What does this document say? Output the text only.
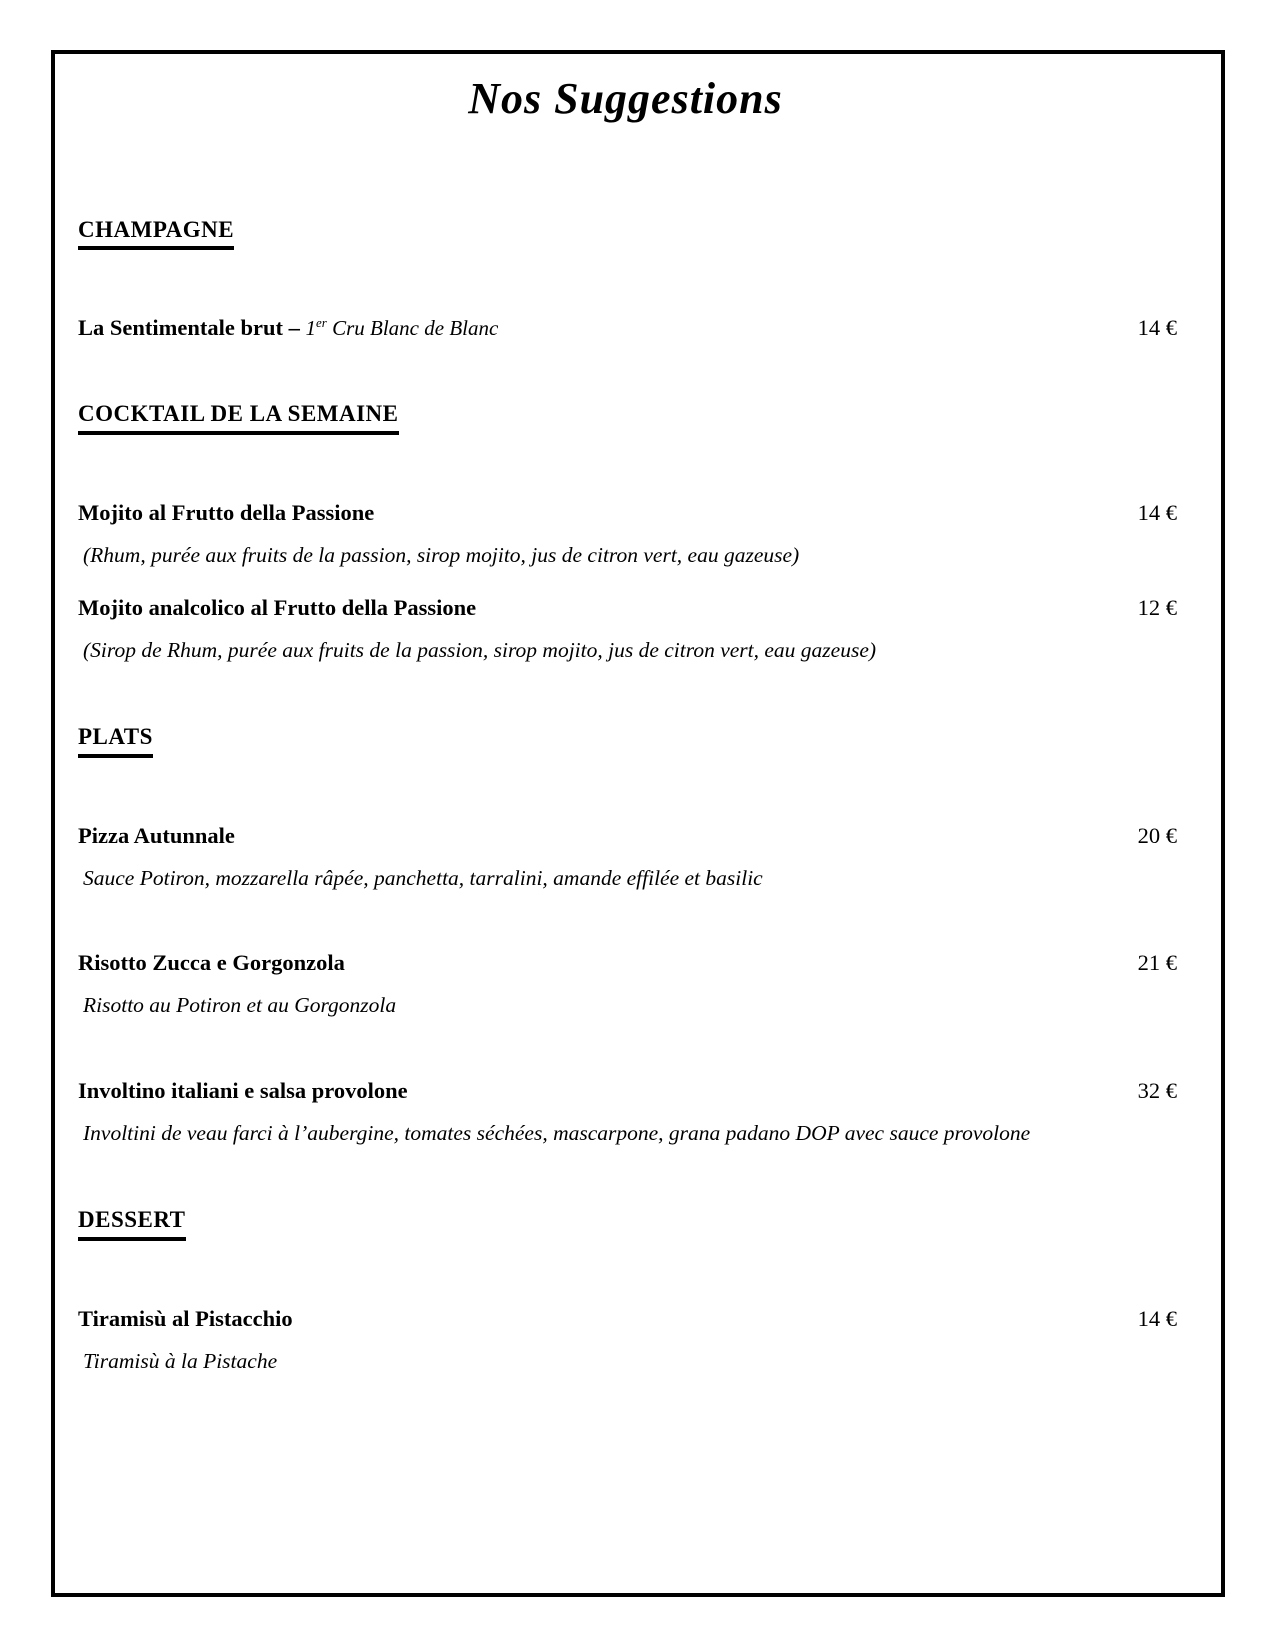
Nos Suggestions
CHAMPAGNE
La Sentimentale brut – 1er Cru Blanc de Blanc	14 €
COCKTAIL DE LA SEMAINE
Mojito al Frutto della Passione	14 €
(Rhum, purée aux fruits de la passion, sirop mojito, jus de citron vert, eau gazeuse)
Mojito analcolico al Frutto della Passione	12 €
(Sirop de Rhum, purée aux fruits de la passion, sirop mojito, jus de citron vert, eau gazeuse)
PLATS
Pizza Autunnale	20 €
Sauce Potiron, mozzarella râpée, panchetta, tarralini, amande effilée et basilic
Risotto Zucca e Gorgonzola	21 €
Risotto au Potiron et au Gorgonzola
Involtino italiani e salsa provolone	32 €
Involtini de veau farci à l’aubergine, tomates séchées, mascarpone, grana padano DOP avec sauce provolone
DESSERT
Tiramisù al Pistacchio	14 €
Tiramisù à la Pistache
